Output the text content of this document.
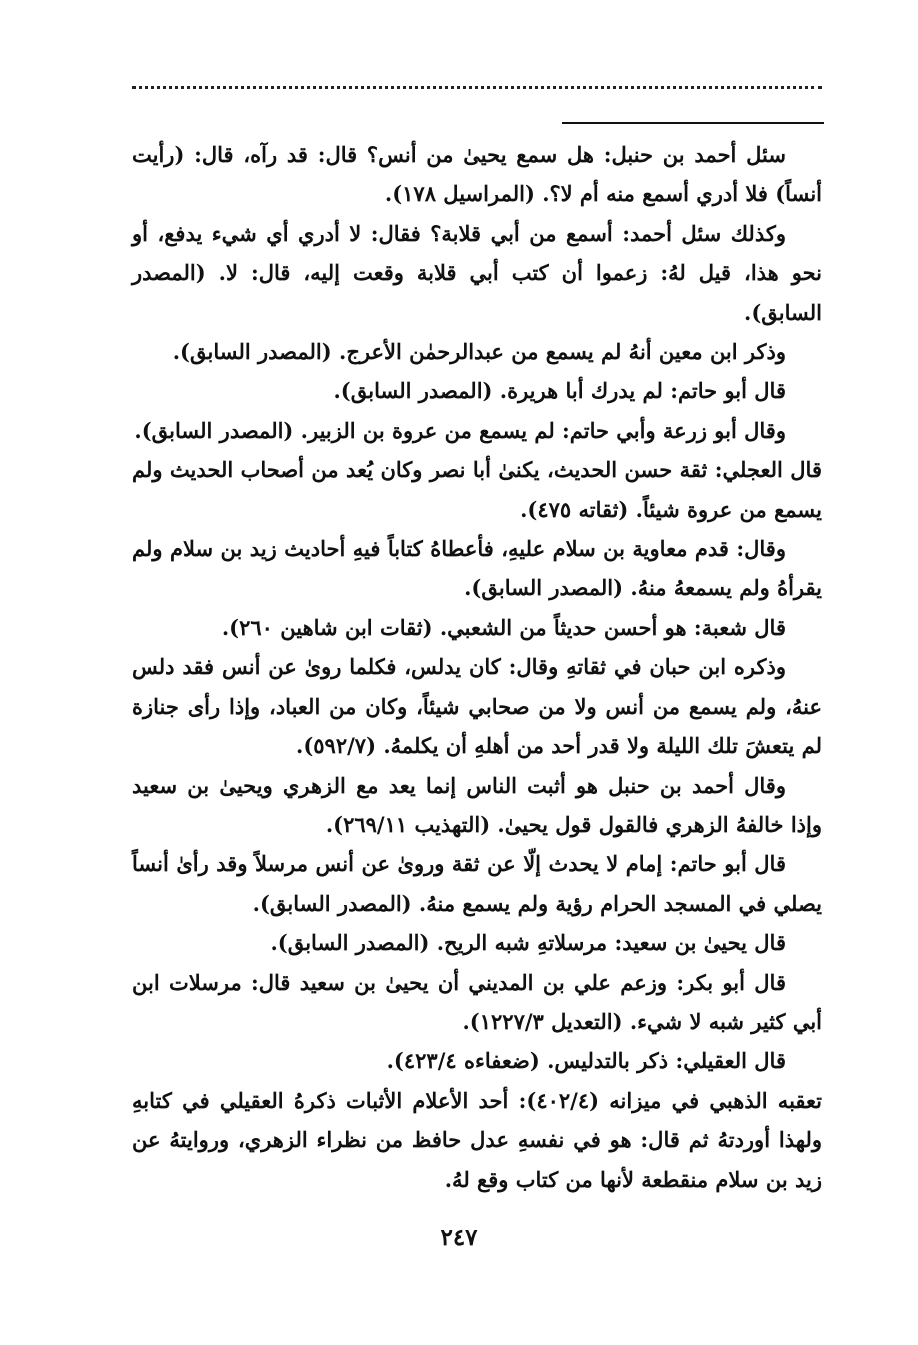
سئل أحمد بن حنبل: هل سمع يحيىٰ من أنس؟ قال: قد رآه، قال: (رأيت أنساً) فلا أدري أسمع منه أم لا؟. (المراسيل ١٧٨).

وكذلك سئل أحمد: أسمع من أبي قلابة؟ فقال: لا أدري أي شيء يدفع، أو نحو هذا، قيل لهُ: زعموا أن كتب أبي قلابة وقعت إليه، قال: لا. (المصدر السابق).

وذكر ابن معين أنهُ لم يسمع من عبدالرحمٰن الأعرج. (المصدر السابق).

قال أبو حاتم: لم يدرك أبا هريرة. (المصدر السابق).

وقال أبو زرعة وأبي حاتم: لم يسمع من عروة بن الزبير. (المصدر السابق).

قال العجلي: ثقة حسن الحديث، يكنىٰ أبا نصر وكان يُعد من أصحاب الحديث ولم يسمع من عروة شيئاً. (ثقاته ٤٧٥).

وقال: قدم معاوية بن سلام عليهِ، فأعطاهُ كتاباً فيهِ أحاديث زيد بن سلام ولم يقرأهُ ولم يسمعهُ منهُ. (المصدر السابق).

قال شعبة: هو أحسن حديثاً من الشعبي. (ثقات ابن شاهين ٢٦٠).

وذكره ابن حبان في ثقاتهِ وقال: كان يدلس، فكلما روىٰ عن أنس فقد دلس عنهُ، ولم يسمع من أنس ولا من صحابي شيئاً، وكان من العباد، وإذا رأى جنازة لم يتعشَ تلك الليلة ولا قدر أحد من أهلهِ أن يكلمهُ. (٥٩٢/٧).

وقال أحمد بن حنبل هو أثبت الناس إنما يعد مع الزهري ويحيىٰ بن سعيد وإذا خالفهُ الزهري فالقول قول يحيىٰ. (التهذيب ٢٦٩/١١).

قال أبو حاتم: إمام لا يحدث إلّا عن ثقة وروىٰ عن أنس مرسلاً وقد رأىٰ أنساً يصلي في المسجد الحرام رؤية ولم يسمع منهُ. (المصدر السابق).

قال يحيىٰ بن سعيد: مرسلاتهِ شبه الريح. (المصدر السابق).

قال أبو بكر: وزعم علي بن المديني أن يحيىٰ بن سعيد قال: مرسلات ابن أبي كثير شبه لا شيء. (التعديل ١٢٢٧/٣).

قال العقيلي: ذكر بالتدليس. (ضعفاءه ٤٢٣/٤).

تعقبه الذهبي في ميزانه (٤٠٢/٤): أحد الأعلام الأثبات ذكرهُ العقيلي في كتابهِ ولهذا أوردتهُ ثم قال: هو في نفسهِ عدل حافظ من نظراء الزهري، وروايتهُ عن زيد بن سلام منقطعة لأنها من كتاب وقع لهُ.

٢٤٧
